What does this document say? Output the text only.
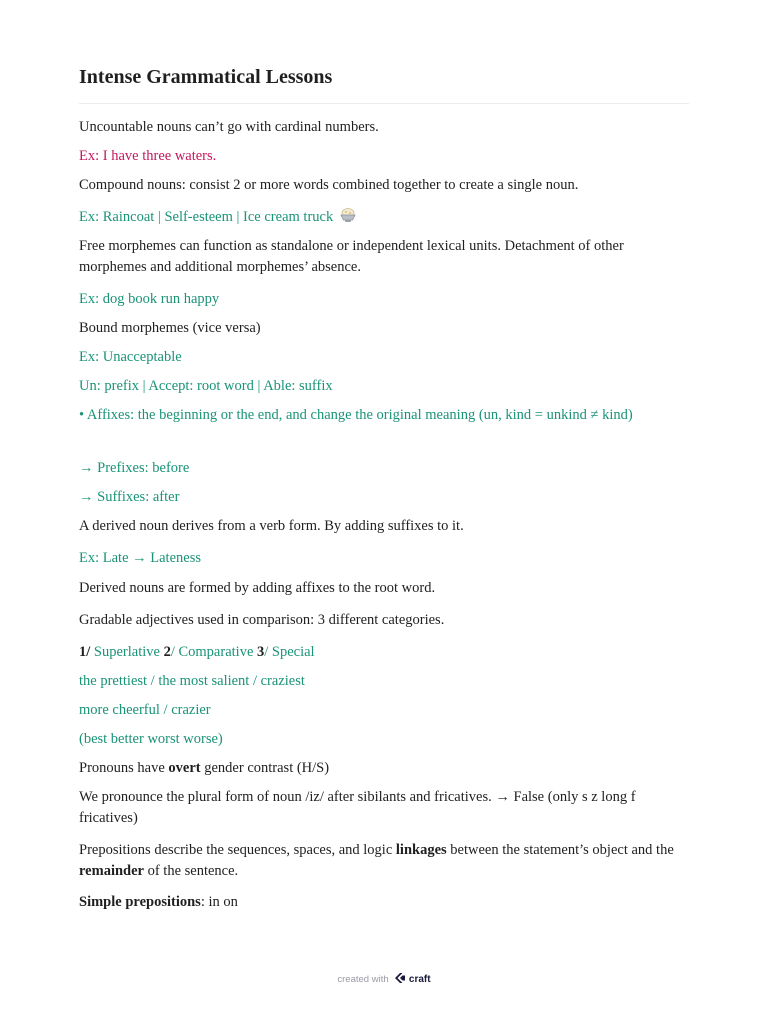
Intense Grammatical Lessons
Uncountable nouns can’t go with cardinal numbers.
Ex: I have three waters.
Compound nouns: consist 2 or more words combined together to create a single noun.
Ex: Raincoat | Self-esteem | Ice cream truck
Free morphemes can function as standalone or independent lexical units. Detachment of other morphemes and additional morphemes’ absence.
Ex: dog book run happy
Bound morphemes (vice versa)
Ex: Unacceptable
Un: prefix | Accept: root word | Able: suffix
• Affixes: the beginning or the end, and change the original meaning (un, kind = unkind ≠ kind)
→ Prefixes: before
→ Suffixes: after
A derived noun derives from a verb form. By adding suffixes to it.
Ex: Late → Lateness
Derived nouns are formed by adding affixes to the root word.
Gradable adjectives used in comparison: 3 different categories.
1/ Superlative 2/ Comparative 3/ Special
the prettiest / the most salient / craziest
more cheerful / crazier
(best better worst worse)
Pronouns have overt gender contrast (H/S)
We pronounce the plural form of noun /iz/ after sibilants and fricatives. → False (only s z long f fricatives)
Prepositions describe the sequences, spaces, and logic linkages between the statement’s object and the remainder of the sentence.
Simple prepositions: in on
created with craft
